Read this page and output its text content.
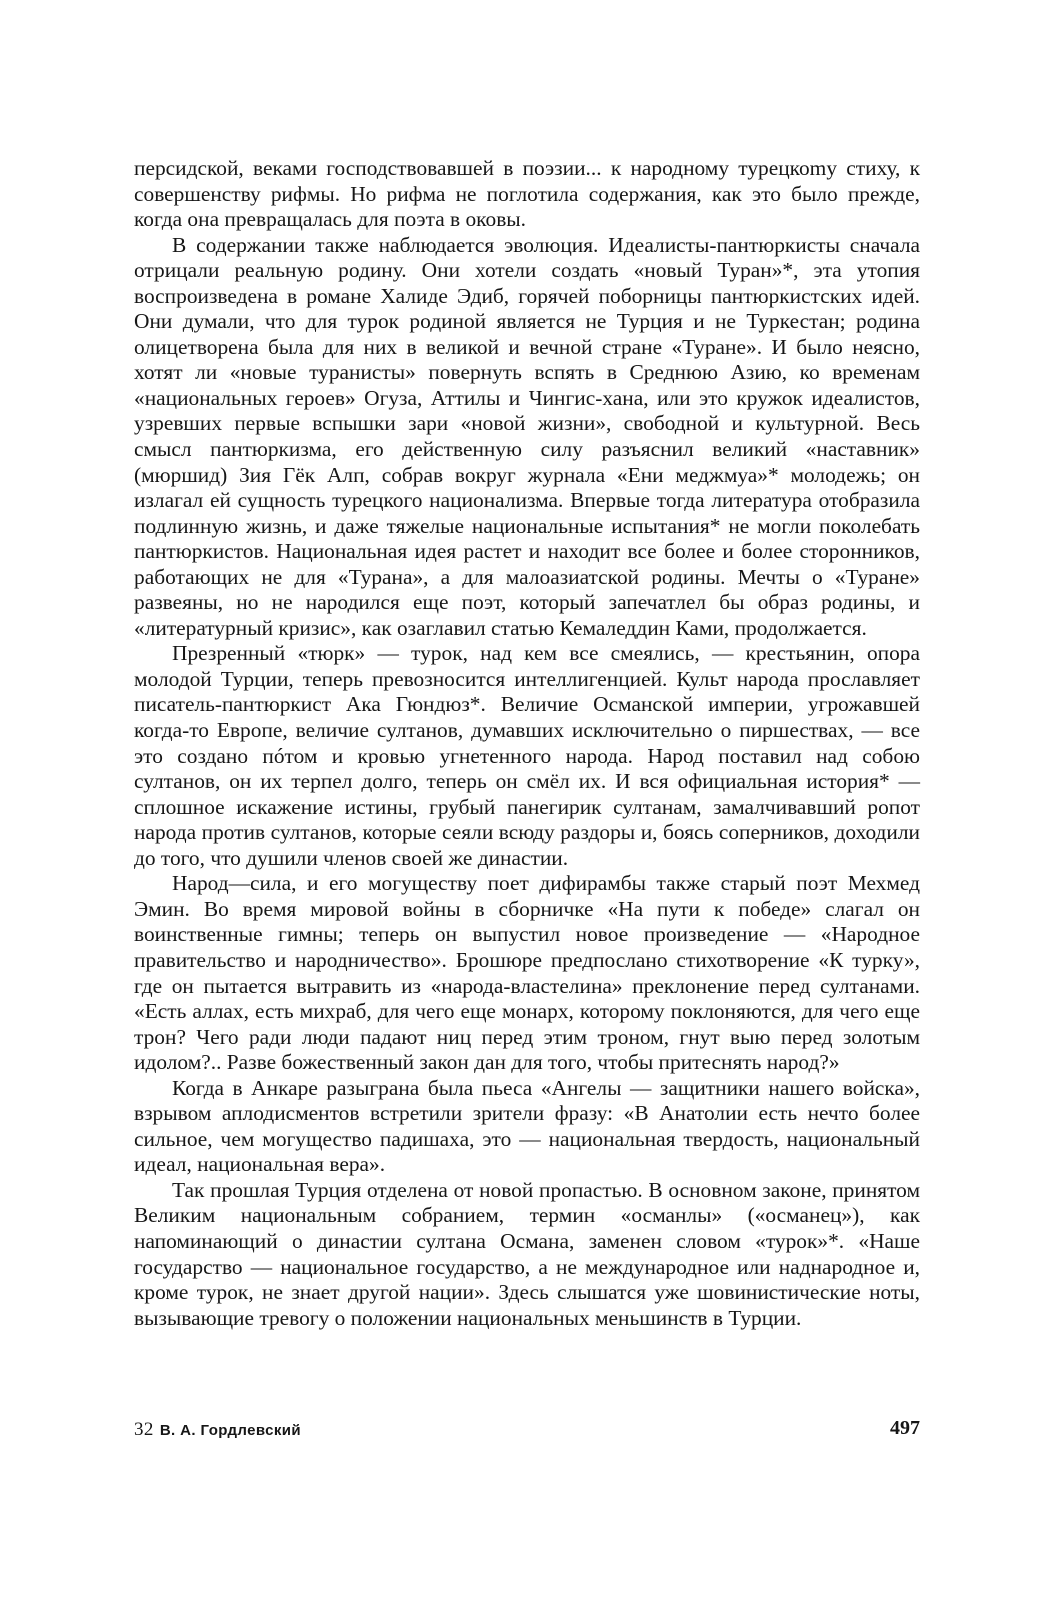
персидской, веками господствовавшей в поэзии... к народному турецкоmу стиху, к совершенству рифмы. Но рифма не поглотила содержания, как это было прежде, когда она превращалась для поэта в оковы.

В содержании также наблюдается эволюция. Идеалисты-пантюркисты сначала отрицали реальную родину. Они хотели создать «новый Туран»*, эта утопия воспроизведена в романе Халиде Эдиб, горячей поборницы пантюркистских идей. Они думали, что для турок родиной является не Турция и не Туркестан; родина олицетворена была для них в великой и вечной стране «Туране». И было неясно, хотят ли «новые туранисты» повернуть вспять в Среднюю Азию, ко временам «национальных героев» Огуза, Аттилы и Чингис-хана, или это кружок идеалистов, узревших первые вспышки зари «новой жизни», свободной и культурной. Весь смысл пантюркизма, его действенную силу разъяснил великий «наставник» (мюршид) Зия Гёк Алп, собрав вокруг журнала «Ени меджмуа»* молодежь; он излагал ей сущность турецкого национализма. Впервые тогда литература отобразила подлинную жизнь, и даже тяжелые национальные испытания* не могли поколебать пантюркистов. Национальная идея растет и находит все более и более сторонников, работающих не для «Турана», а для малоазиатской родины. Мечты о «Туране» развеяны, но не народился еще поэт, который запечатлел бы образ родины, и «литературный кризис», как озаглавил статью Кемаледдин Ками, продолжается.

Презренный «тюрк» — турок, над кем все смеялись, — крестьянин, опора молодой Турции, теперь превозносится интеллигенцией. Культ народа прославляет писатель-пантюркист Ака Гюндюз*. Величие Османской империи, угрожавшей когда-то Европе, величие султанов, думавших исключительно о пиршествах, — все это создано пóтом и кровью угнетенного народа. Народ поставил над собою султанов, он их терпел долго, теперь он смёл их. И вся официальная история* — сплошное искажение истины, грубый панегирик султанам, замалчивавший ропот народа против султанов, которые сеяли всюду раздоры и, боясь соперников, доходили до того, что душили членов своей же династии.

Народ—сила, и его могуществу поет дифирамбы также старый поэт Мехмед Эмин. Во время мировой войны в сборничке «На пути к победе» слагал он воинственные гимны; теперь он выпустил новое произведение — «Народное правительство и народничество». Брошюре предпослано стихотворение «К турку», где он пытается вытравить из «народа-властелина» преклонение перед султанами. «Есть аллах, есть михраб, для чего еще монарх, которому поклоняются, для чего еще трон? Чего ради люди падают ниц перед этим троном, гнут выю перед золотым идолом?.. Разве божественный закон дан для того, чтобы притеснять народ?»

Когда в Анкаре разыграна была пьеса «Ангелы — защитники нашего войска», взрывом аплодисментов встретили зрители фразу: «В Анатолии есть нечто более сильное, чем могущество падишаха, это — национальная твердость, национальный идеал, национальная вера».

Так прошлая Турция отделена от новой пропастью. В основном законе, принятом Великим национальным собранием, термин «османлы» («османец»), как напоминающий о династии султана Османа, заменен словом «турок»*. «Наше государство — национальное государство, а не международное или наднародное и, кроме турок, не знает другой нации». Здесь слышатся уже шовинистические ноты, вызывающие тревогу о положении национальных меньшинств в Турции.

32 В. А. Гордлевский	497
